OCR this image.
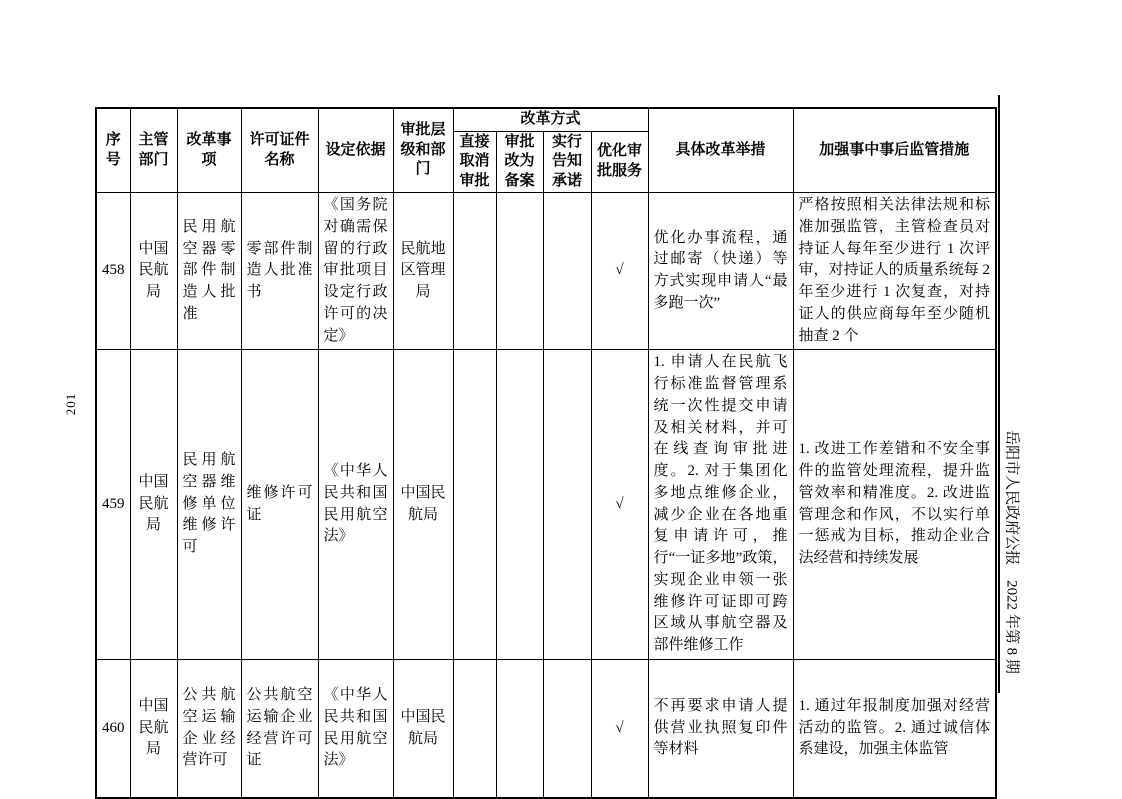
201
岳阳市人民政府公报　2022 年第 8 期
序号	主管部门	改革事项	许可证件名称	设定依据	审批层级和部门	改革方式				具体改革举措	加强事中事后监管措施
						直接取消审批	审批改为备案	实行告知承诺	优化审批服务		
458	中国民航局	民用航空器零部件制造人批准	零部件制造人批准书	《国务院对确需保留的行政审批项目设定行政许可的决定》	民航地区管理局				√	优化办事流程，通过邮寄（快递）等方式实现申请人“最多跑一次”	严格按照相关法律法规和标准加强监管，主管检查员对持证人每年至少进行 1 次评审，对持证人的质量系统每 2 年至少进行 1 次复查，对持证人的供应商每年至少随机抽查 2 个
459	中国民航局	民用航空器维修单位维修许可	维修许可证	《中华人民共和国民用航空法》	中国民航局				√	1. 申请人在民航飞行标准监督管理系统一次性提交申请及相关材料，并可在线查询审批进度。2. 对于集团化多地点维修企业，减少企业在各地重复申请许可，推行“一证多地”政策，实现企业申领一张维修许可证即可跨区域从事航空器及部件维修工作	1. 改进工作差错和不安全事件的监管处理流程，提升监管效率和精准度。2. 改进监管理念和作风，不以实行单一惩戒为目标，推动企业合法经营和持续发展
460	中国民航局	公共航空运输企业经营许可	公共航空运输企业经营许可证	《中华人民共和国民用航空法》	中国民航局				√	不再要求申请人提供营业执照复印件等材料	1. 通过年报制度加强对经营活动的监管。2. 通过诚信体系建设，加强主体监管
